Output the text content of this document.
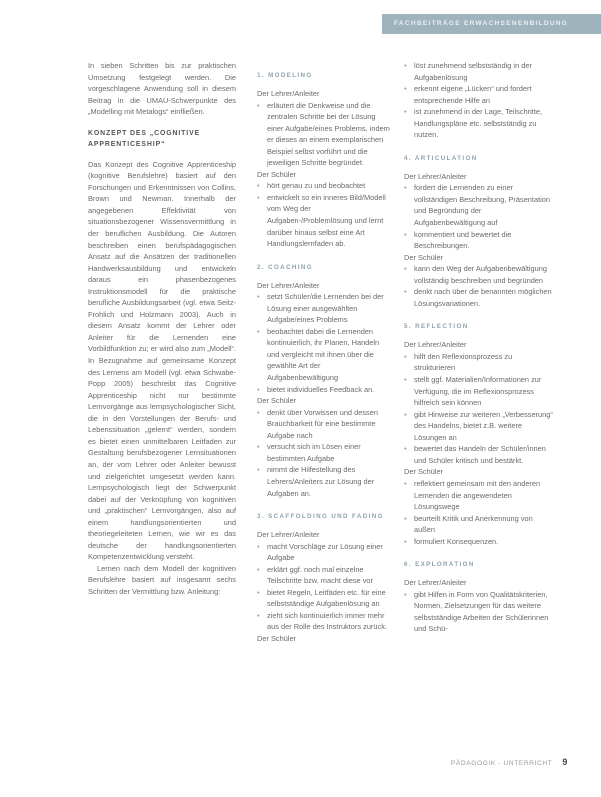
FACHBEITRÄGE ERWACHSENENBILDUNG

In sieben Schritten bis zur praktischen Umsetzung festgelegt werden. Die vorgeschlagene Anwendung soll in diesem Beitrag in die UMAU-Schwerpunkte des „Modelling mit Metalogs“ einfließen.

KONZEPT DES „COGNITIVE APPRENTICESHIP“

Das Konzept des Cognitive Apprenticeship (kognitive Berufslehre) basiert auf den Forschungen und Erkenntnissen von Collins, Brown und Newman. Innerhalb der angegebenen Effektivität von situationsbezogener Wissensvermittlung in der beruflichen Ausbildung. Die Autoren beschreiben einen berufspädagogischen Ansatz auf die Ansätzen der traditionellen Handwerksausbildung und entwickeln daraus ein phasenbezogenes Instruktionsmodell für die praktische berufliche Ausbildungsarbeit (vgl. etwa Seitz-Frohlich und Holzmann 2003). Auch in diesem Ansatz kommt der Lehrer oder Anleiter für die Lernenden eine Vorbildfunktion zu; er wird also zum „Modell“. In Bezugnahme auf gemeinsame Konzept des Lernens am Modell (vgl. etwa Schwabe-Popp 2005) beschreibt das Cognitive Apprenticeship nicht nur bestimmte Lernvorgänge aus lernpsychologischer Sicht, die in den Vorstellungen der Berufs- und Lebenssituation „gelernt“ werden, sondern es bietet einen unmittelbaren Leitfaden zur Gestaltung berufsbezogener Lernsituationen an, der vom Lehrer oder Anleiter bewusst und zielgerichtet umgesetzt werden kann. Lernpsychologisch liegt der Schwerpunkt dabei auf der Verknüpfung von kognitiven und „praktischen“ Lernvorgängen, also auf einem handlungsorientierten und theoriegeleiteten Lernen, wie wir es das deutsche der handlungsorientierten Kompetenzentwicklung versteht.

Lernen nach dem Modell der kognitiven Berufslehre basiert auf insgesamt sechs Schritten der Vermittlung bzw. Anleitung:

1. MODELING

Der Lehrer/Anleiter

• erläutert die Denkweise und die zentralen Schritte bei der Lösung einer Aufgabe/eines Problems, indem er dieses an einem exemplarischen Beispiel selbst vorführt und die jeweiligen Schritte begründet.

Der Schüler

• hört genau zu und beobachtet
• entwickelt so ein inneres Bild/Modell vom Weg der Aufgaben-/Problemlösung und lernt darüber hinaus selbst eine Art Handlungslernfaden ab.
2. COACHING

Der Lehrer/Anleiter

• setzt Schüler/die Lernenden bei der Lösung einer ausgewählten Aufgabe/eines Problems
• beobachtet dabei die Lernenden kontinuierlich, ihr Planen, Handeln und vergleicht mit ihnen über die gewählte Art der Aufgabenbewältigung
• bietet individuelles Feedback an.

Der Schüler

• denkt über Vorwissen und dessen Brauchbarkeit für eine bestimmte Aufgabe nach
• versucht sich im Lösen einer bestimmten Aufgabe
• nimmt die Hilfestellung des Lehrers/Anleiters zur Lösung der Aufgaben an.
3. SCAFFOLDING UND FADING

Der Lehrer/Anleiter

• macht Vorschläge zur Lösung einer Aufgabe
• erklärt ggf. noch mal einzelne Teilschritte bzw. macht diese vor
• bietet Regeln, Leitfäden etc. für eine selbstständige Aufgabenlösung an
• zieht sich kontinuierlich immer mehr aus der Rolle des Instruktors zurück.

Der Schüler

• löst zunehmend selbstständig in der Aufgabenlösung
• erkennt eigene „Lücken“ und fordert entsprechende Hilfe an
• ist zunehmend in der Lage, Teilschritte, Handlungspläne etc. selbstständig zu nutzen.
4. ARTICULATION

Der Lehrer/Anleiter

• fordert die Lernenden zu einer vollständigen Beschreibung, Präsentation und Begründung der Aufgabenbewältigung auf
• kommentiert und bewertet die Beschreibungen.

Der Schüler

• kann den Weg der Aufgabenbewältigung vollständig beschreiben und begründen
• denkt nach über die benannten möglichen Lösungsvariationen.
5. REFLECTION

Der Lehrer/Anleiter

• hilft den Reflexionsprozess zu strukturieren
• stellt ggf. Materialien/Informationen zur Verfügung, die im Reflexionsprozess hilfreich sein können
• gibt Hinweise zur weiteren „Verbesserung“ des Handelns, bietet z.B. weitere Lösungen an
• bewertet das Handeln der Schüler/innen und Schüler kritisch und bestärkt.

Der Schüler

• reflektiert gemeinsam mit den anderen Lernenden die angewendeten Lösungswege
• beurteilt Kritik und Anerkennung von außen
• formuliert Konsequenzen.
6. EXPLORATION

Der Lehrer/Anleiter

• gibt Hilfen in Form von Qualitätskriterien, Normen, Zielsetzungen für das weitere selbstständige Arbeiten der Schülerinnen und Schü-
PÄDAGOGIK - UNTERRICHT 9
